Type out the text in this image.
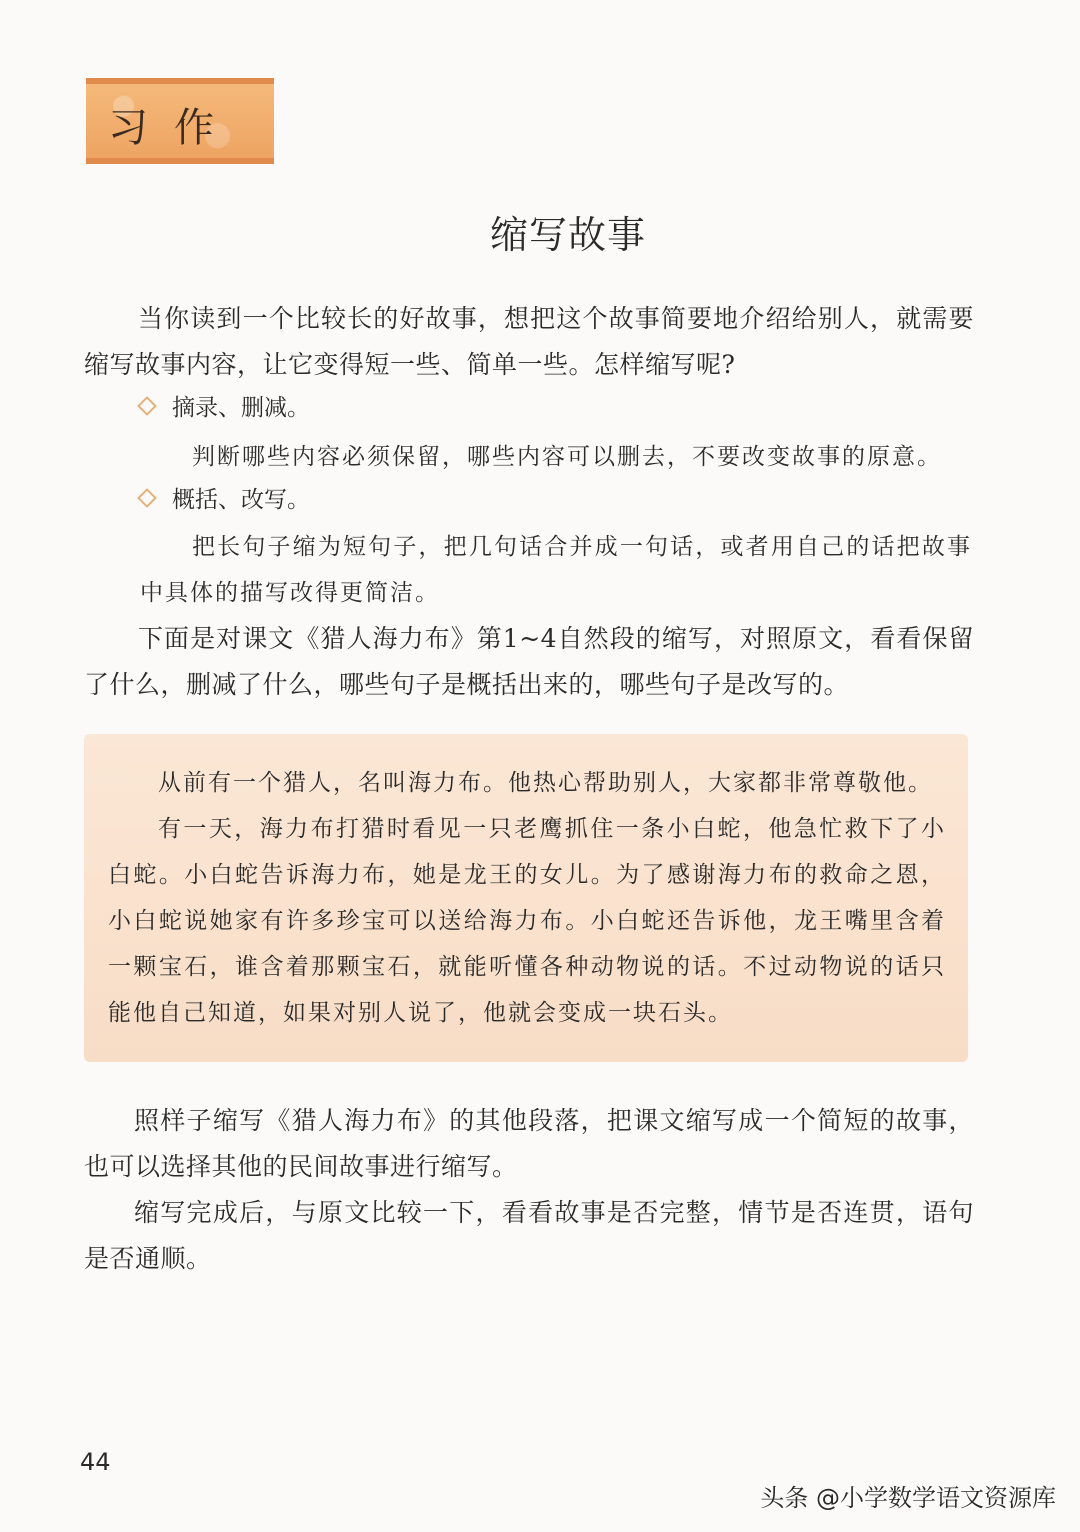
习作
缩写故事
当你读到一个比较长的好故事，想把这个故事简要地介绍给别人，就需要缩写故事内容，让它变得短一些、简单一些。怎样缩写呢?
摘录、删减。
判断哪些内容必须保留，哪些内容可以删去，不要改变故事的原意。
概括、改写。
把长句子缩为短句子，把几句话合并成一句话，或者用自己的话把故事中具体的描写改得更简洁。
下面是对课文《猎人海力布》第1~4自然段的缩写，对照原文，看看保留了什么，删减了什么，哪些句子是概括出来的，哪些句子是改写的。

从前有一个猎人，名叫海力布。他热心帮助别人，大家都非常尊敬他。

有一天，海力布打猎时看见一只老鹰抓住一条小白蛇，他急忙救下了小白蛇。小白蛇告诉海力布，她是龙王的女儿。为了感谢海力布的救命之恩，小白蛇说她家有许多珍宝可以送给海力布。小白蛇还告诉他，龙王嘴里含着一颗宝石，谁含着那颗宝石，就能听懂各种动物说的话。不过动物说的话只能他自己知道，如果对别人说了，他就会变成一块石头。

照样子缩写《猎人海力布》的其他段落，把课文缩写成一个简短的故事，也可以选择其他的民间故事进行缩写。
缩写完成后，与原文比较一下，看看故事是否完整，情节是否连贯，语句是否通顺。
44
头条 @小学数学语文资源库
